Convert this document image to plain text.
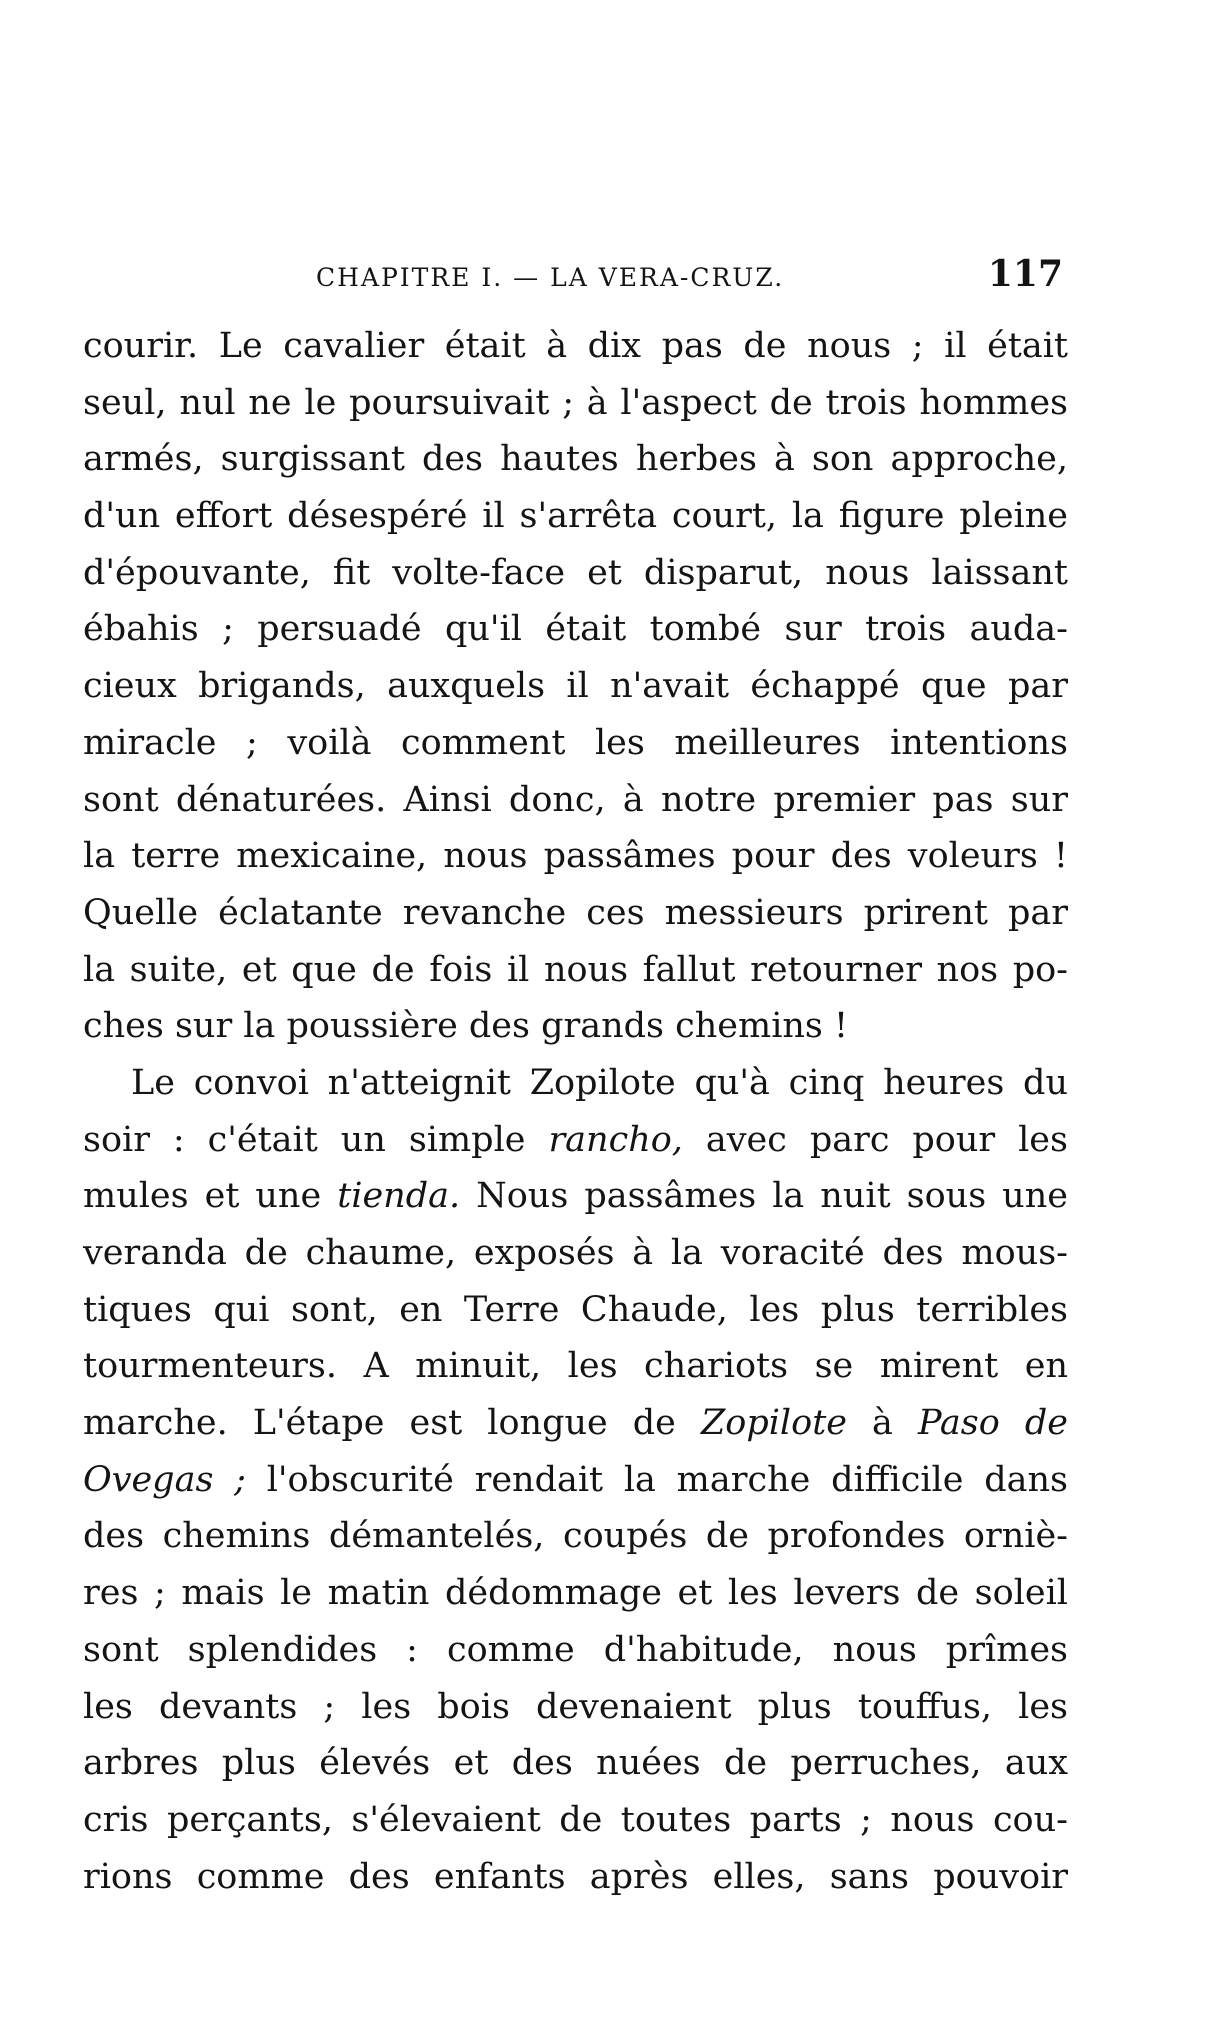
CHAPITRE I. — LA VERA-CRUZ.	117
courir. Le cavalier était à dix pas de nous ; il était
seul, nul ne le poursuivait ; à l'aspect de trois hommes
armés, surgissant des hautes herbes à son approche,
d'un effort désespéré il s'arrêta court, la figure pleine
d'épouvante, fit volte-face et disparut, nous laissant
ébahis ; persuadé qu'il était tombé sur trois auda-
cieux brigands, auxquels il n'avait échappé que par
miracle ; voilà comment les meilleures intentions
sont dénaturées. Ainsi donc, à notre premier pas sur
la terre mexicaine, nous passâmes pour des voleurs !
Quelle éclatante revanche ces messieurs prirent par
la suite, et que de fois il nous fallut retourner nos po-
ches sur la poussière des grands chemins !
Le convoi n'atteignit Zopilote qu'à cinq heures du
soir : c'était un simple rancho, avec parc pour les
mules et une tienda. Nous passâmes la nuit sous une
veranda de chaume, exposés à la voracité des mous-
tiques qui sont, en Terre Chaude, les plus terribles
tourmenteurs. A minuit, les chariots se mirent en
marche. L'étape est longue de Zopilote à Paso de
Ovegas ; l'obscurité rendait la marche difficile dans
des chemins démantelés, coupés de profondes orniè-
res ; mais le matin dédommage et les levers de soleil
sont splendides : comme d'habitude, nous prîmes
les devants ; les bois devenaient plus touffus, les
arbres plus élevés et des nuées de perruches, aux
cris perçants, s'élevaient de toutes parts ; nous cou-
rions comme des enfants après elles, sans pouvoir
